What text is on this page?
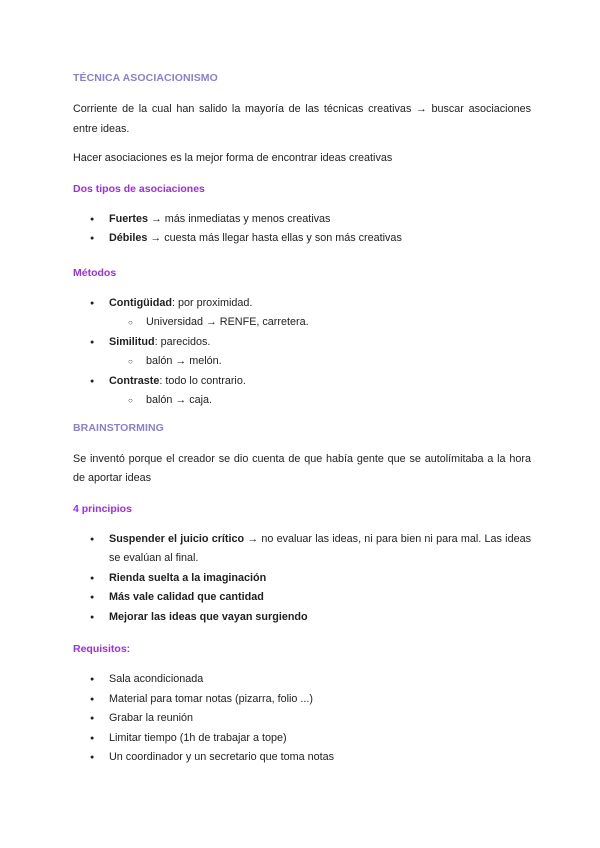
TÉCNICA ASOCIACIONISMO

Corriente de la cual han salido la mayoría de las técnicas creativas → buscar asociaciones entre ideas.

Hacer asociaciones es la mejor forma de encontrar ideas creativas

Dos tipos de asociaciones
● Fuertes → más inmediatas y menos creativas
● Débiles → cuesta más llegar hasta ellas y son más creativas
Métodos
● Contigüidad: por proximidad.
○ Universidad → RENFE, carretera.
● Similitud: parecidos.
○ balón → melón.
● Contraste: todo lo contrario.
○ balón → caja.
BRAINSTORMING

Se inventó porque el creador se dio cuenta de que había gente que se autolímitaba a la hora de aportar ideas

4 principios
● Suspender el juicio crítico → no evaluar las ideas, ni para bien ni para mal. Las ideas se evalúan al final.
● Rienda suelta a la imaginación
● Más vale calidad que cantidad
● Mejorar las ideas que vayan surgiendo
Requisitos:
● Sala acondicionada
● Material para tomar notas (pizarra, folio ...)
● Grabar la reunión
● Limitar tiempo (1h de trabajar a tope)
● Un coordinador y un secretario que toma notas
